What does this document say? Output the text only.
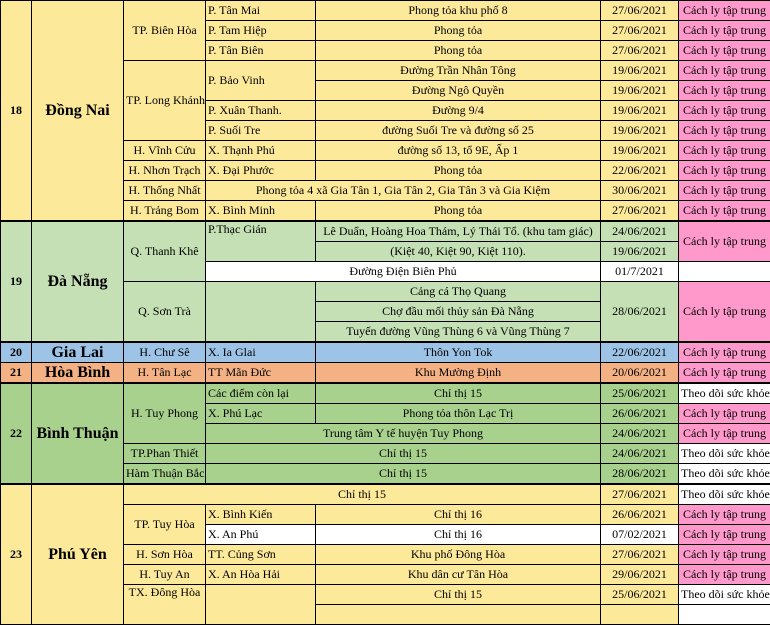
18	Đồng Nai	TP. Biên Hòa	P. Tân Mai	Phong tỏa khu phố 8	27/06/2021	Cách ly tập trung
			P. Tam Hiệp	Phong tỏa	27/06/2021	Cách ly tập trung
			P. Tân Biên	Phong tỏa	27/06/2021	Cách ly tập trung
		TP. Long Khánh	P. Bảo Vinh	Đường Trần Nhân Tông	19/06/2021	Cách ly tập trung
				Đường Ngô Quyền	19/06/2021	Cách ly tập trung
			P. Xuân Thanh.	Đường 9/4	19/06/2021	Cách ly tập trung
			P. Suối Tre	đường Suối Tre và đường số 25	19/06/2021	Cách ly tập trung
		H. Vĩnh Cửu	X. Thạnh Phú	đường số 13, tổ 9E, Ấp 1	19/06/2021	Cách ly tập trung
		H. Nhơn Trạch	X. Đại Phước	Phong tỏa	22/06/2021	Cách ly tập trung
		H. Thống Nhất	Phong tỏa 4 xã Gia Tân 1, Gia Tân 2, Gia Tân 3 và Gia Kiệm		30/06/2021	Cách ly tập trung
		H. Trảng Bom	X. Bình Minh	Phong tỏa	27/06/2021	Cách ly tập trung
19	Đà Nẵng	Q. Thanh Khê	P.Thạc Gián	Lê Duẩn, Hoàng Hoa Thám, Lý Thái Tổ. (khu tam giác)	24/06/2021	Cách ly tập trung
				(Kiệt 40, Kiệt 90, Kiệt 110).	19/06/2021	
			Đường Điện Biên Phủ		01/7/2021	
		Q. Sơn Trà		Cảng cá Thọ Quang	28/06/2021	Cách ly tập trung
				Chợ đầu mối thủy sản Đà Nẵng		
				Tuyến đường Vũng Thùng 6 và Vũng Thùng 7		
20	Gia Lai	H. Chư Sê	X. Ia Glai	Thôn Yon Tok	22/06/2021	Cách ly tập trung
21	Hòa Bình	H. Tân Lạc	TT Mãn Đức	Khu Mường Định	20/06/2021	Cách ly tập trung
22	Bình Thuận	H. Tuy Phong	Các điểm còn lại	Chỉ thị 15	25/06/2021	Theo dõi sức khỏe
			X. Phú Lạc	Phong tỏa thôn Lạc Trị	26/06/2021	Cách ly tập trung
			Trung tâm Y tế huyện Tuy Phong		24/06/2021	Cách ly tập trung
		TP.Phan Thiết	Chỉ thị 15		24/06/2021	Theo dõi sức khỏe
		Hàm Thuận Bắc	Chỉ thị 15		28/06/2021	Theo dõi sức khỏe
23	Phú Yên	Chỉ thị 15			27/06/2021	Theo dõi sức khỏe
		TP. Tuy Hòa	X. Bình Kiến	Chỉ thị 16	26/06/2021	Cách ly tập trung
			X. An Phú	Chỉ thị 16	07/02/2021	Cách ly tập trung
		H. Sơn Hòa	TT. Củng Sơn	Khu phố Đông Hòa	27/06/2021	Cách ly tập trung
		H. Tuy An	X. An Hòa Hải	Khu dân cư Tân Hòa	29/06/2021	Cách ly tập trung
		TX. Đông Hòa		Chỉ thị 15	25/06/2021	Theo dõi sức khỏe
